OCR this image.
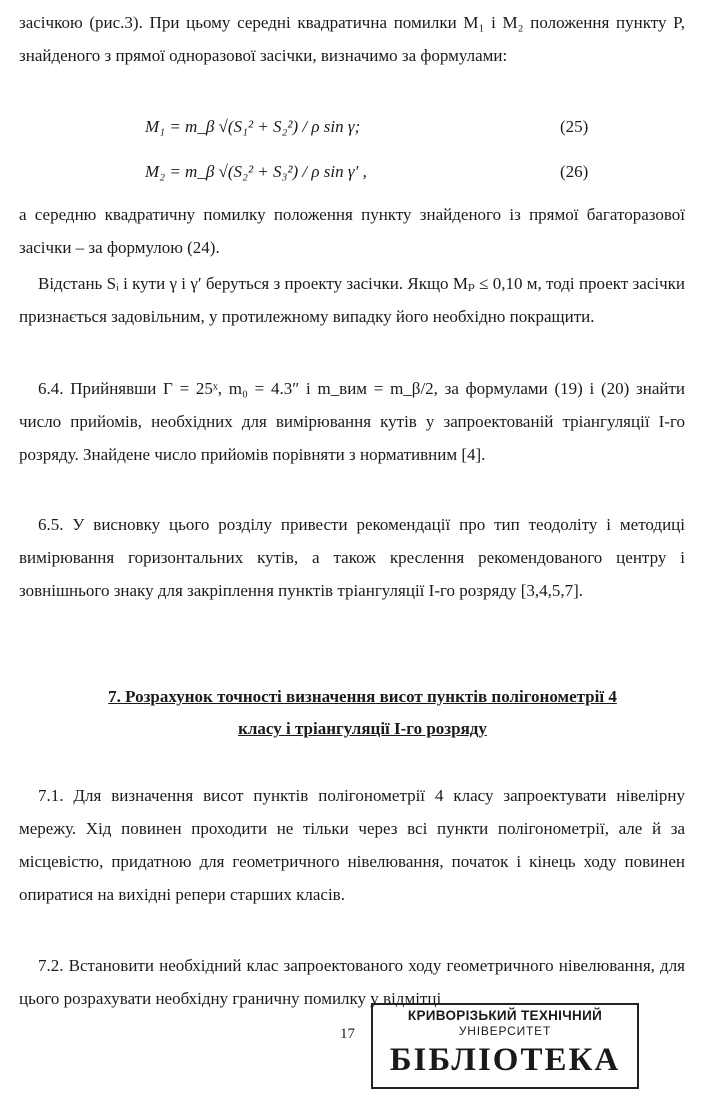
засічкою (рис.3). При цьому середні квадратична помилки M₁ і M₂ положення пункту P, знайденого з прямої одноразової засічки, визначимо за формулами:

M₁ = m_β √(S₁² + S₂²) / ρ sin γ;	(25)
M₂ = m_β √(S₂² + S₃²) / ρ sin γ′ ,	(26)

а середню квадратичну помилку положення пункту знайденого із прямої багаторазової засічки – за формулою (24).

Відстань Sᵢ і кути γ і γ′ беруться з проекту засічки. Якщо Mₚ ≤ 0,10 м, тоді проект засічки признається задовільним, у протилежному випадку його необхідно покращити.

6.4. Прийнявши Г = 25ˣ, m₀ = 4.3″ і m_вим = m_β/2, за формулами (19) і (20) знайти число прийомів, необхідних для вимірювання кутів у запроектованій тріангуляції І-го розряду. Знайдене число прийомів порівняти з нормативним [4].

6.5. У висновку цього розділу привести рекомендації про тип теодоліту і методиці вимірювання горизонтальних кутів, а також креслення рекомендованого центру і зовнішнього знаку для закріплення пунктів тріангуляції І-го розряду [3,4,5,7].

7. Розрахунок точності визначення висот пунктів полігонометрії 4

класу і тріангуляції І-го розряду

7.1. Для визначення висот пунктів полігонометрії 4 класу запроектувати нівелірну мережу. Хід повинен проходити не тільки через всі пункти полігонометрії, але й за місцевістю, придатною для геометричного нівелювання, початок і кінець ходу повинен опиратися на вихідні репери старших класів.

7.2. Встановити необхідний клас запроектованого ходу геометричного нівелювання, для цього розрахувати необхідну граничну помилку у відмітці

17
КРИВОРІЗЬКИЙ ТЕХНІЧНИЙ
УНІВЕРСИТЕТ
БІБЛІОТЕКА
